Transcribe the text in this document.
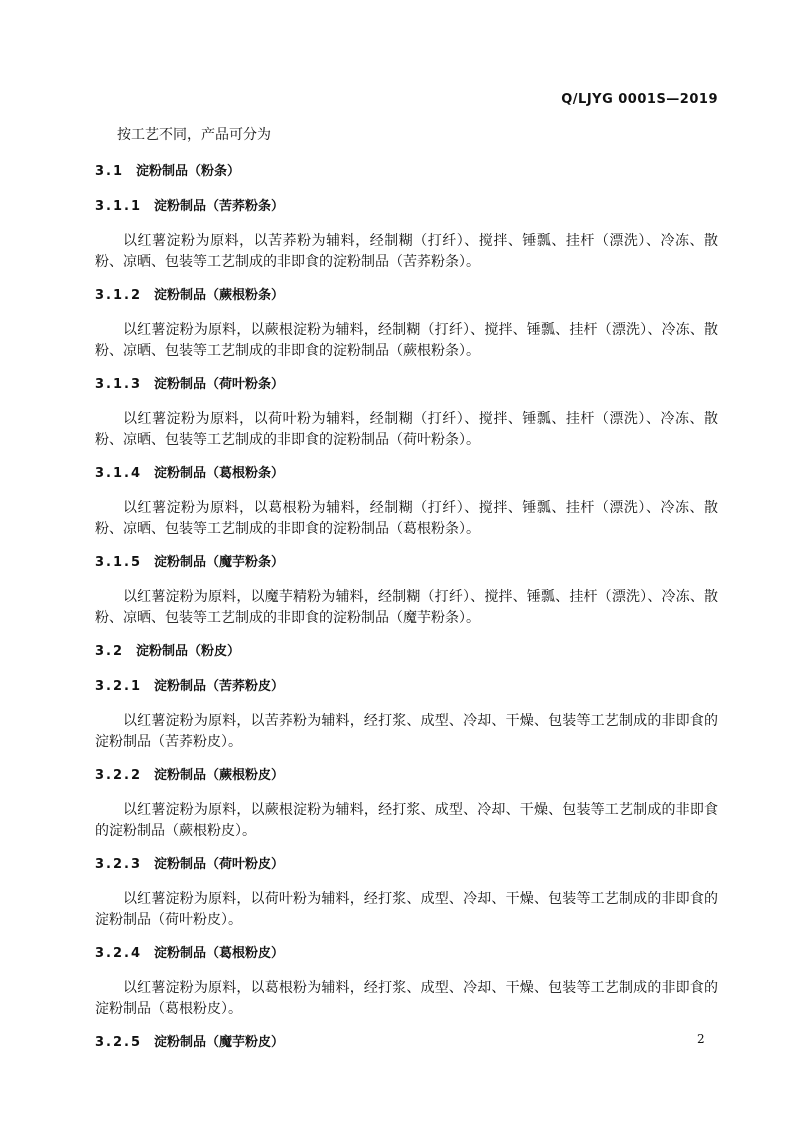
Q/LJYG 0001S—2019

按工艺不同，产品可分为

3.1 淀粉制品（粉条）
3.1.1 淀粉制品（苦荞粉条）

以红薯淀粉为原料，以苦荞粉为辅料，经制糊（打纤）、搅拌、锤瓢、挂杆（漂洗）、冷冻、散粉、凉晒、包装等工艺制成的非即食的淀粉制品（苦荞粉条）。

3.1.2 淀粉制品（蕨根粉条）

以红薯淀粉为原料，以蕨根淀粉为辅料，经制糊（打纤）、搅拌、锤瓢、挂杆（漂洗）、冷冻、散粉、凉晒、包装等工艺制成的非即食的淀粉制品（蕨根粉条）。

3.1.3 淀粉制品（荷叶粉条）

以红薯淀粉为原料，以荷叶粉为辅料，经制糊（打纤）、搅拌、锤瓢、挂杆（漂洗）、冷冻、散粉、凉晒、包装等工艺制成的非即食的淀粉制品（荷叶粉条）。

3.1.4 淀粉制品（葛根粉条）

以红薯淀粉为原料，以葛根粉为辅料，经制糊（打纤）、搅拌、锤瓢、挂杆（漂洗）、冷冻、散粉、凉晒、包装等工艺制成的非即食的淀粉制品（葛根粉条）。

3.1.5 淀粉制品（魔芋粉条）

以红薯淀粉为原料，以魔芋精粉为辅料，经制糊（打纤）、搅拌、锤瓢、挂杆（漂洗）、冷冻、散粉、凉晒、包装等工艺制成的非即食的淀粉制品（魔芋粉条）。

3.2 淀粉制品（粉皮）
3.2.1 淀粉制品（苦荞粉皮）

以红薯淀粉为原料，以苦荞粉为辅料，经打浆、成型、冷却、干燥、包装等工艺制成的非即食的淀粉制品（苦荞粉皮）。

3.2.2 淀粉制品（蕨根粉皮）

以红薯淀粉为原料，以蕨根淀粉为辅料，经打浆、成型、冷却、干燥、包装等工艺制成的非即食的淀粉制品（蕨根粉皮）。

3.2.3 淀粉制品（荷叶粉皮）

以红薯淀粉为原料，以荷叶粉为辅料，经打浆、成型、冷却、干燥、包装等工艺制成的非即食的淀粉制品（荷叶粉皮）。

3.2.4 淀粉制品（葛根粉皮）

以红薯淀粉为原料，以葛根粉为辅料，经打浆、成型、冷却、干燥、包装等工艺制成的非即食的淀粉制品（葛根粉皮）。

3.2.5 淀粉制品（魔芋粉皮）	2
